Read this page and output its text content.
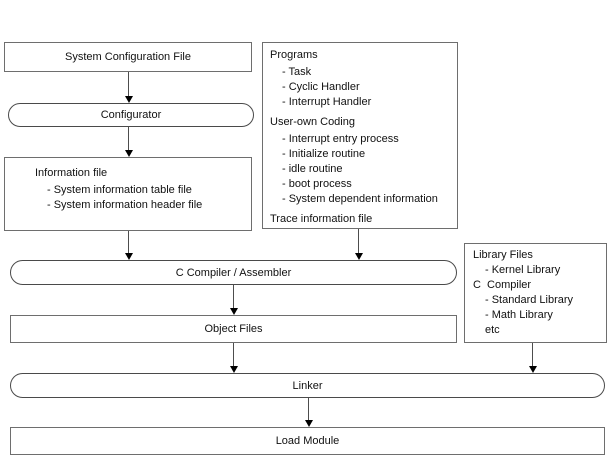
System Configuration File
Configurator
Information file
- System information table file
- System information header file
Programs
- Task
- Cyclic Handler
- Interrupt Handler
User-own Coding
- Interrupt entry process
- Initialize routine
- idle routine
- boot process
- System dependent information
Trace information file
C Compiler / Assembler
Object Files
Library Files
- Kernel Library
C  Compiler
- Standard Library
- Math Library
etc
Linker
Load Module
